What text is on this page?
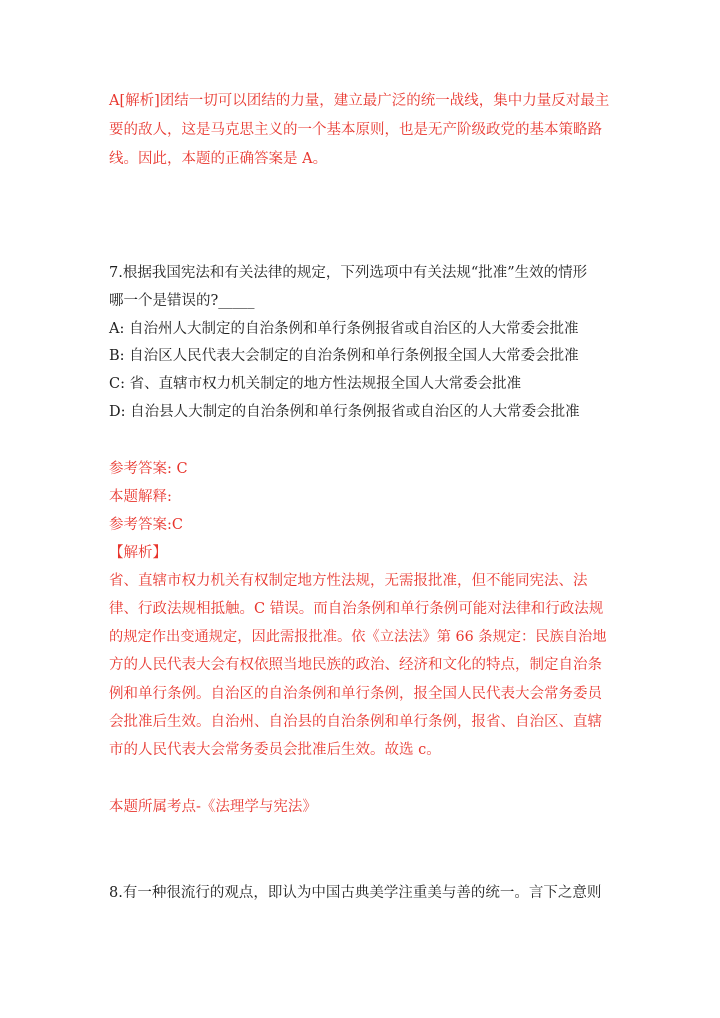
A[解析]团结一切可以团结的力量，建立最广泛的统一战线，集中力量反对最主
要的敌人，这是马克思主义的一个基本原则，也是无产阶级政党的基本策略路
线。因此，本题的正确答案是 A。
7.根据我国宪法和有关法律的规定，下列选项中有关法规“批准”生效的情形
哪一个是错误的?_____
A: 自治州人大制定的自治条例和单行条例报省或自治区的人大常委会批准
B: 自治区人民代表大会制定的自治条例和单行条例报全国人大常委会批准
C: 省、直辖市权力机关制定的地方性法规报全国人大常委会批准
D: 自治县人大制定的自治条例和单行条例报省或自治区的人大常委会批准
参考答案: C
本题解释:
参考答案:C
【解析】
省、直辖市权力机关有权制定地方性法规，无需报批准，但不能同宪法、法
律、行政法规相抵触。C 错误。而自治条例和单行条例可能对法律和行政法规
的规定作出变通规定，因此需报批准。依《立法法》第 66 条规定：民族自治地
方的人民代表大会有权依照当地民族的政治、经济和文化的特点，制定自治条
例和单行条例。自治区的自治条例和单行条例，报全国人民代表大会常务委员
会批准后生效。自治州、自治县的自治条例和单行条例，报省、自治区、直辖
市的人民代表大会常务委员会批准后生效。故选 c。
本题所属考点-《法理学与宪法》
8.有一种很流行的观点，即认为中国古典美学注重美与善的统一。言下之意则
